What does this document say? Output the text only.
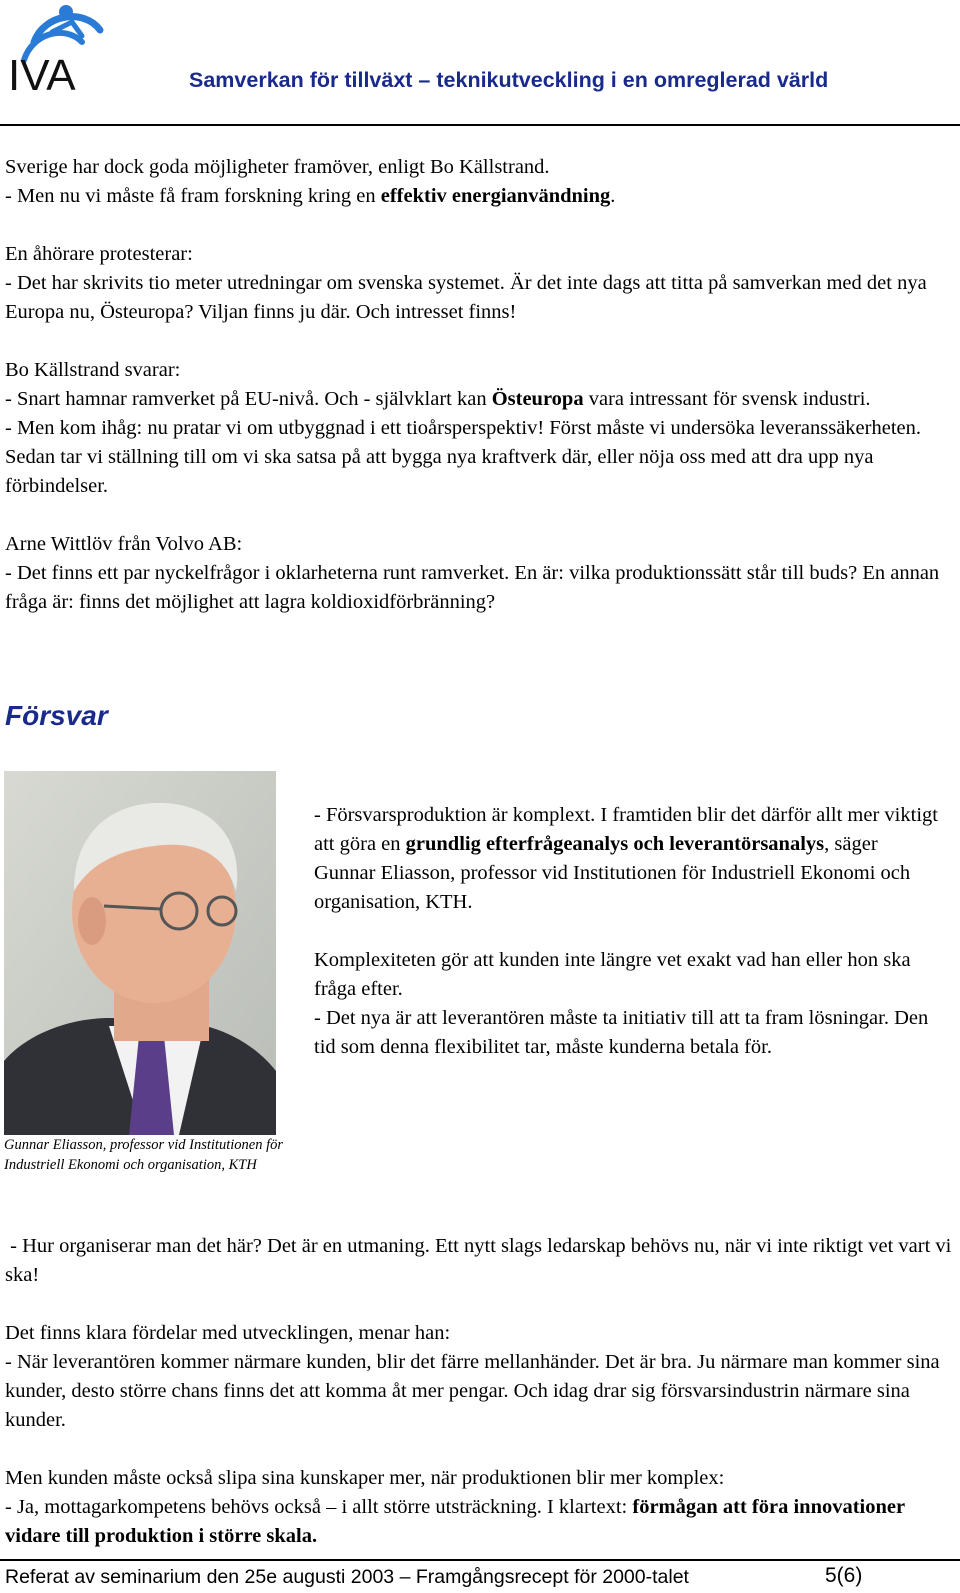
IVA	Samverkan för tillväxt – teknikutveckling i en omreglerad värld

Sverige har dock goda möjligheter framöver, enligt Bo Källstrand.

- Men nu vi måste få fram forskning kring en effektiv energianvändning.

En åhörare protesterar:

- Det har skrivits tio meter utredningar om svenska systemet. Är det inte dags att titta på samverkan med det nya Europa nu, Östeuropa? Viljan finns ju där. Och intresset finns!

Bo Källstrand svarar:

- Snart hamnar ramverket på EU-nivå. Och - självklart kan Östeuropa vara intressant för svensk industri.

- Men kom ihåg: nu pratar vi om utbyggnad i ett tioårsperspektiv! Först måste vi undersöka leveranssäkerheten. Sedan tar vi ställning till om vi ska satsa på att bygga nya kraftverk där, eller nöja oss med att dra upp nya förbindelser.

Arne Wittlöv från Volvo AB:

- Det finns ett par nyckelfrågor i oklarheterna runt ramverket. En är: vilka produktionssätt står till buds? En annan fråga är: finns det möjlighet att lagra koldioxidförbränning?

Försvar
Gunnar Eliasson, professor vid Institutionen för Industriell Ekonomi och organisation, KTH

- Försvarsproduktion är komplext. I framtiden blir det därför allt mer viktigt att göra en grundlig efterfrågeanalys och leverantörsanalys, säger Gunnar Eliasson, professor vid Institutionen för Industriell Ekonomi och organisation, KTH.

Komplexiteten gör att kunden inte längre vet exakt vad han eller hon ska fråga efter.

- Det nya är att leverantören måste ta initiativ till att ta fram lösningar. Den tid som denna flexibilitet tar, måste kunderna betala för.

- Hur organiserar man det här? Det är en utmaning. Ett nytt slags ledarskap behövs nu, när vi inte riktigt vet vart vi ska!

Det finns klara fördelar med utvecklingen, menar han:

- När leverantören kommer närmare kunden, blir det färre mellanhänder. Det är bra. Ju närmare man kommer sina kunder, desto större chans finns det att komma åt mer pengar. Och idag drar sig försvarsindustrin närmare sina kunder.

Men kunden måste också slipa sina kunskaper mer, när produktionen blir mer komplex:

- Ja, mottagarkompetens behövs också – i allt större utsträckning. I klartext: förmågan att föra innovationer vidare till produktion i större skala.

Referat av seminarium den 25e augusti 2003 – Framgångsrecept för 2000-talet	5(6)
